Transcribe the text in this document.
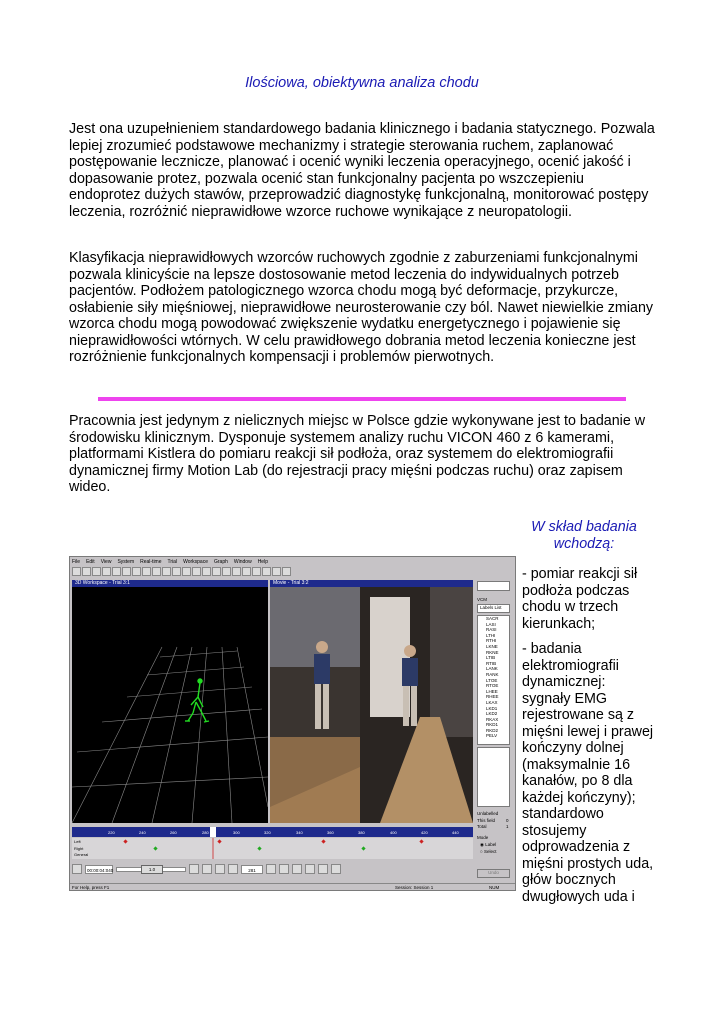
Ilościowa, obiektywna analiza chodu

Jest ona uzupełnieniem standardowego badania klinicznego i badania statycznego. Pozwala lepiej zrozumieć podstawowe mechanizmy i strategie sterowania ruchem, zaplanować postępowanie lecznicze, planować i ocenić wyniki leczenia operacyjnego, ocenić jakość i dopasowanie protez, pozwala ocenić stan funkcjonalny pacjenta po wszczepieniu endoprotez dużych stawów, przeprowadzić diagnostykę funkcjonalną, monitorować postępy leczenia, rozróżnić nieprawidłowe wzorce ruchowe wynikające z neuropatologii.

Klasyfikacja nieprawidłowych wzorców ruchowych zgodnie z zaburzeniami funkcjonalnymi pozwala klinicyście na lepsze dostosowanie metod leczenia do indywidualnych potrzeb pacjentów. Podłożem patologicznego wzorca chodu mogą być deformacje, przykurcze, osłabienie siły mięśniowej, nieprawidłowe neurosterowanie czy ból. Nawet niewielkie zmiany wzorca chodu mogą powodować zwiększenie wydatku energetycznego i pojawienie się nieprawidłowości wtórnych. W celu prawidłowego dobrania metod leczenia konieczne jest rozróżnienie funkcjonalnych kompensacji i problemów pierwotnych.

Pracownia jest jedynym z nielicznych miejsc w Polsce gdzie wykonywane jest to badanie w środowisku klinicznym. Dysponuje systemem analizy ruchu VICON 460 z 6 kamerami, platformami Kistlera do pomiaru reakcji sił podłoża, oraz systemem do elektromiografii dynamicznej firmy Motion Lab (do rejestracji pracy mięśni podczas ruchu) oraz zapisem wideo.

File Edit View System Real-time Trial Workspace Graph Window Help
3D Workspace - Trial 3:1	Movie - Trial 3:2
VCM
Labels List
SACR
LASI
RASI
LTHI
RTHI
LKNE
RKNE
LTIB
RTIB
LANK
RANK
LTOE
RTOE
LHEE
RHEE
LKAX
LKD1
LKD2
RKAX
RKD1
RKD2
PELV
Unlabelled
This field 0
Total	1
Mode
◉ Label
○ Select
Undo
220	240	260	280	300	320	340	360	380	400	420	440
Left
Right
General
00:00:04:040	1.0	281
For Help, press F1	Session: Session 1	NUM
W skład badania wchodzą:

- pomiar reakcji sił podłoża podczas chodu w trzech kierunkach;

- badania elektromiografii dynamicznej: sygnały EMG rejestrowane są z mięśni lewej i prawej kończyny dolnej (maksymalnie 16 kanałów, po 8 dla każdej kończyny); standardowo stosujemy odprowadzenia z mięśni prostych uda, głów bocznych dwugłowych uda i
